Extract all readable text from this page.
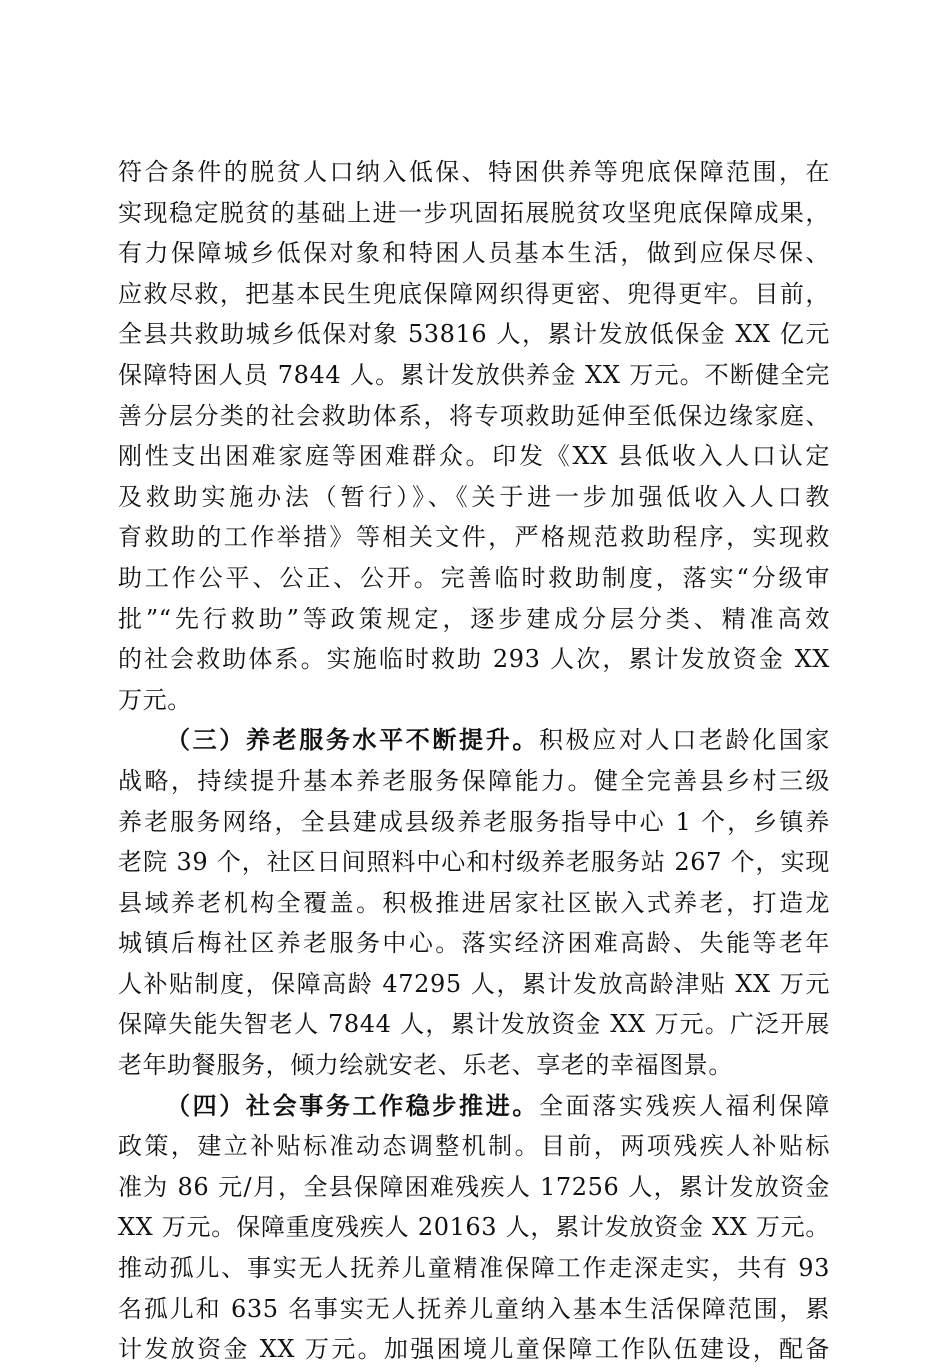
符合条件的脱贫人口纳入低保、特困供养等兜底保障范围，在
实现稳定脱贫的基础上进一步巩固拓展脱贫攻坚兜底保障成果，
有力保障城乡低保对象和特困人员基本生活，做到应保尽保、
应救尽救，把基本民生兜底保障网织得更密、兜得更牢。目前，
全县共救助城乡低保对象 53816 人，累计发放低保金 XX 亿元
保障特困人员 7844 人。累计发放供养金 XX 万元。不断健全完
善分层分类的社会救助体系，将专项救助延伸至低保边缘家庭、
刚性支出困难家庭等困难群众。印发《XX 县低收入人口认定
及救助实施办法（暂行）》、《关于进一步加强低收入人口教
育救助的工作举措》等相关文件，严格规范救助程序，实现救
助工作公平、公正、公开。完善临时救助制度，落实“分级审
批”“先行救助”等政策规定，逐步建成分层分类、精准高效
的社会救助体系。实施临时救助 293 人次，累计发放资金 XX
万元。
（三）养老服务水平不断提升。积极应对人口老龄化国家
战略，持续提升基本养老服务保障能力。健全完善县乡村三级
养老服务网络，全县建成县级养老服务指导中心 1 个，乡镇养
老院 39 个，社区日间照料中心和村级养老服务站 267 个，实现
县域养老机构全覆盖。积极推进居家社区嵌入式养老，打造龙
城镇后梅社区养老服务中心。落实经济困难高龄、失能等老年
人补贴制度，保障高龄 47295 人，累计发放高龄津贴 XX 万元
保障失能失智老人 7844 人，累计发放资金 XX 万元。广泛开展
老年助餐服务，倾力绘就安老、乐老、享老的幸福图景。
（四）社会事务工作稳步推进。全面落实残疾人福利保障
政策，建立补贴标准动态调整机制。目前，两项残疾人补贴标
准为 86 元/月，全县保障困难残疾人 17256 人，累计发放资金
XX 万元。保障重度残疾人 20163 人，累计发放资金 XX 万元。
推动孤儿、事实无人抚养儿童精准保障工作走深走实，共有 93
名孤儿和 635 名事实无人抚养儿童纳入基本生活保障范围，累
计发放资金 XX 万元。加强困境儿童保障工作队伍建设，配备
